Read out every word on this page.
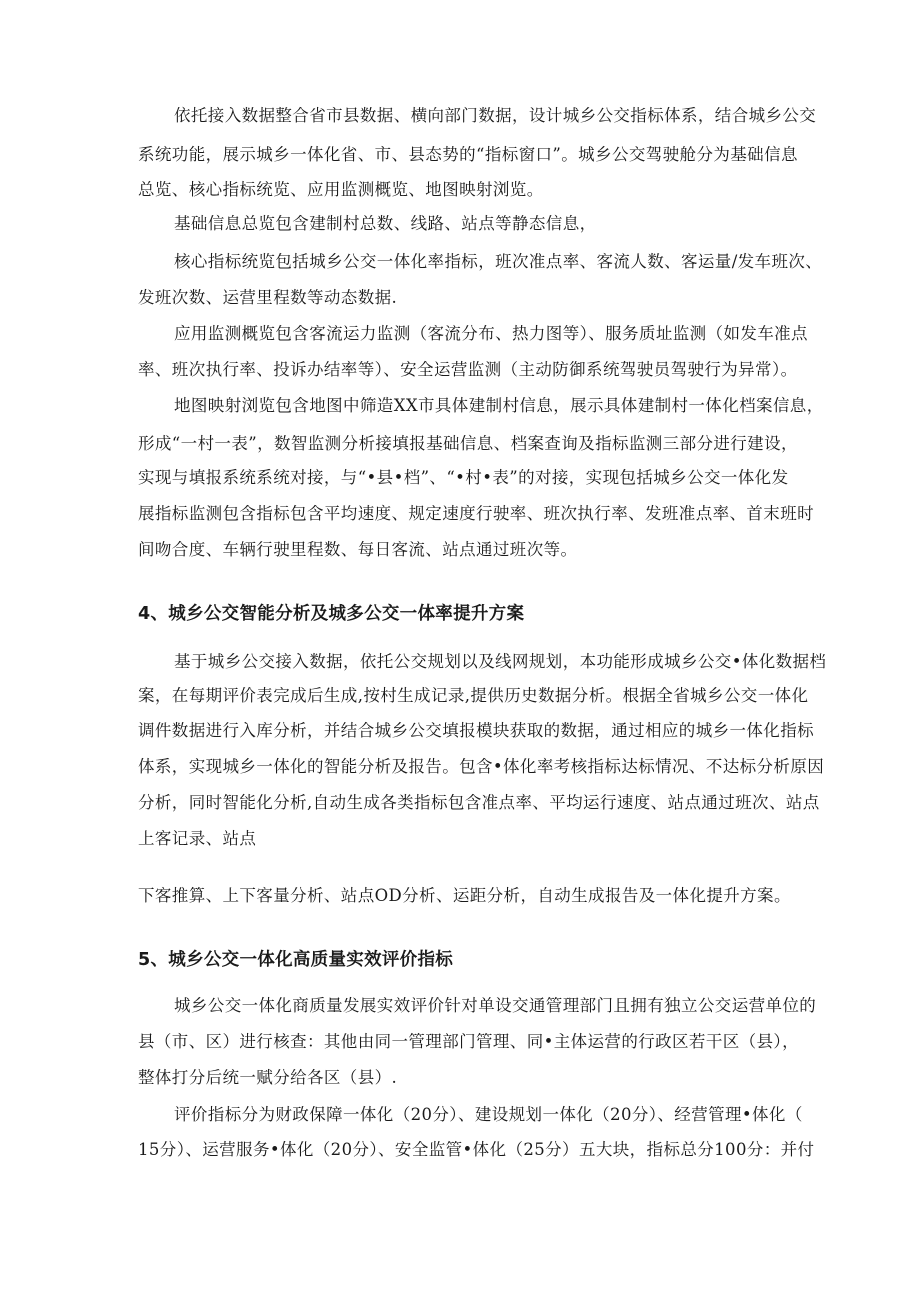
依托接入数据整合省市县数据、横向部门数据，设计城乡公交指标体系，结合城乡公交
系统功能，展示城乡一体化省、市、县态势的“指标窗口”。城乡公交驾驶舱分为基础信息
总览、核心指标统览、应用监测概览、地图映射浏览。
基础信息总览包含建制村总数、线路、站点等静态信息，
核心指标统览包括城乡公交一体化率指标，班次准点率、客流人数、客运量/发车班次、
发班次数、运营里程数等动态数据.
应用监测概览包含客流运力监测（客流分布、热力图等）、服务质址监测（如发车准点
率、班次执行率、投诉办结率等）、安全运营监测（主动防御系统驾驶员驾驶行为异常）。
地图映射浏览包含地图中筛造XX市具体建制村信息，展示具体建制村一体化档案信息，
形成“一村一表”，数智监测分析接填报基础信息、档案查询及指标监测三部分进行建设，
实现与填报系统系统对接，与“•县•档”、“•村•表”的对接，实现包括城乡公交一体化发
展指标监测包含指标包含平均速度、规定速度行驶率、班次执行率、发班准点率、首末班时
间吻合度、车辆行驶里程数、每日客流、站点通过班次等。
4、城乡公交智能分析及城多公交一体率提升方案
基于城乡公交接入数据，依托公交规划以及线网规划，本功能形成城乡公交•体化数据档
案，在每期评价表完成后生成,按村生成记录,提供历史数据分析。根据全省城乡公交一体化
调件数据进行入库分析，并结合城乡公交填报模块获取的数据，通过相应的城乡一体化指标
体系，实现城乡一体化的智能分析及报告。包含•体化率考核指标达标情况、不达标分析原因
分析，同时智能化分析,自动生成各类指标包含准点率、平均运行速度、站点通过班次、站点
上客记录、站点
下客推算、上下客量分析、站点OD分析、运距分析，自动生成报告及一体化提升方案。
5、城乡公交一体化高质量实效评价指标
城乡公交一体化商质量发展实效评价针对单设交通管理部门且拥有独立公交运营单位的
县（市、区）进行核查：其他由同一管理部门管理、同•主体运营的行政区若干区（县），
整体打分后统一赋分给各区（县）.
评价指标分为财政保障一体化（20分）、建设规划一体化（20分）、经营管理•体化（
15分）、运营服务•体化（20分）、安全监管•体化（25分）五大块，指标总分100分：并付
